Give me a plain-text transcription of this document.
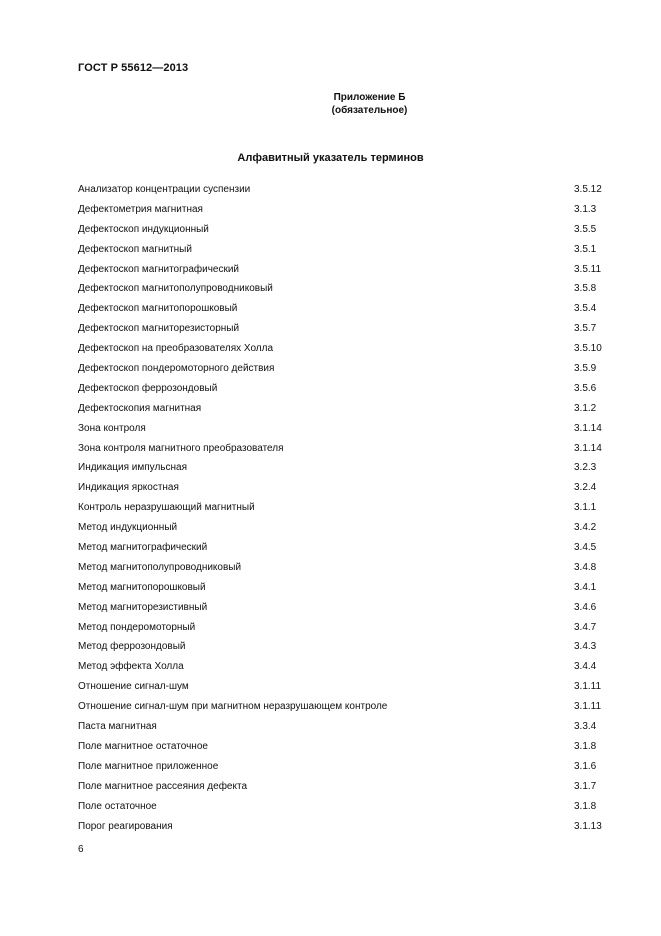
ГОСТ Р 55612—2013
Приложение Б
(обязательное)
Алфавитный указатель терминов
Анализатор концентрации суспензии	3.5.12
Дефектометрия магнитная	3.1.3
Дефектоскоп индукционный	3.5.5
Дефектоскоп магнитный	3.5.1
Дефектоскоп магнитографический	3.5.11
Дефектоскоп магнитополупроводниковый	3.5.8
Дефектоскоп магнитопорошковый	3.5.4
Дефектоскоп магниторезисторный	3.5.7
Дефектоскоп на преобразователях Холла	3.5.10
Дефектоскоп пондеромоторного действия	3.5.9
Дефектоскоп феррозондовый	3.5.6
Дефектоскопия магнитная	3.1.2
Зона контроля	3.1.14
Зона контроля магнитного преобразователя	3.1.14
Индикация импульсная	3.2.3
Индикация яркостная	3.2.4
Контроль неразрушающий магнитный	3.1.1
Метод индукционный	3.4.2
Метод магнитографический	3.4.5
Метод магнитополупроводниковый	3.4.8
Метод магнитопорошковый	3.4.1
Метод магниторезистивный	3.4.6
Метод пондеромоторный	3.4.7
Метод феррозондовый	3.4.3
Метод эффекта Холла	3.4.4
Отношение сигнал-шум	3.1.11
Отношение сигнал-шум при магнитном неразрушающем контроле	3.1.11
Паста магнитная	3.3.4
Поле магнитное остаточное	3.1.8
Поле магнитное приложенное	3.1.6
Поле магнитное рассеяния дефекта	3.1.7
Поле остаточное	3.1.8
Порог реагирования	3.1.13
6
